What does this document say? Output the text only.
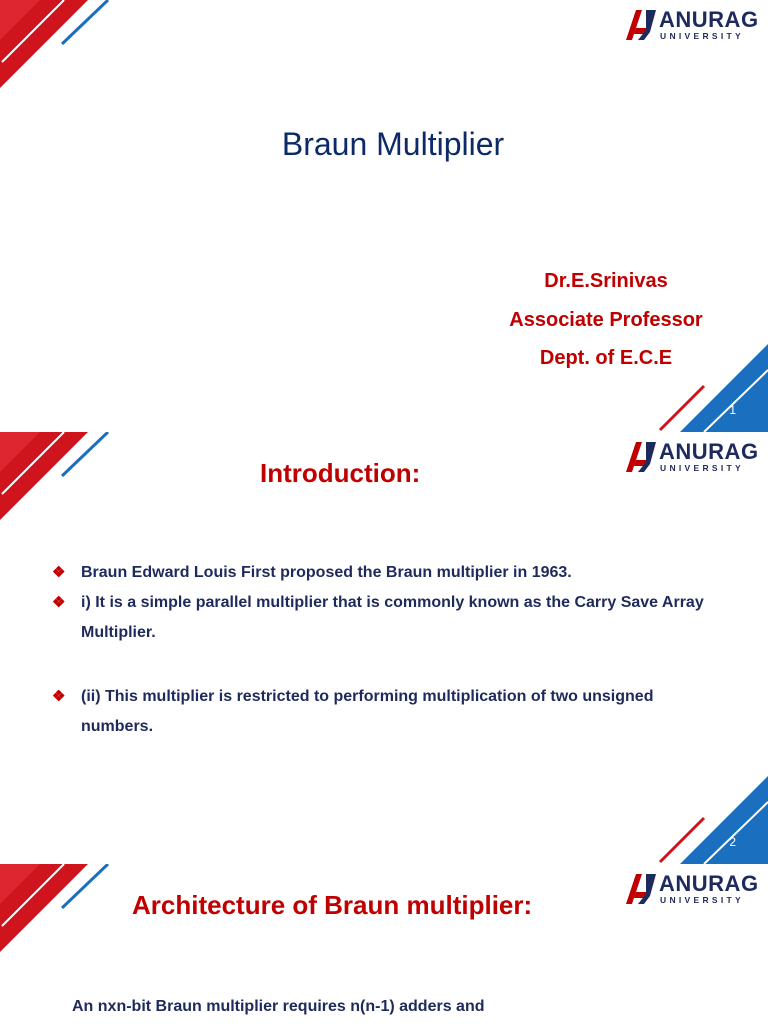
ANURAG
UNIVERSITY
Braun Multiplier
Dr.E.Srinivas
Associate Professor
Dept. of E.C.E
1
ANURAG
UNIVERSITY
Introduction:
❖ Braun Edward Louis First proposed the Braun multiplier in 1963.
❖ i) It is a simple parallel multiplier that is commonly known as the Carry Save Array Multiplier.
❖ (ii) This multiplier is restricted to performing multiplication of two unsigned numbers.
2
ANURAG
UNIVERSITY
Architecture of Braun multiplier:
An nxn-bit Braun multiplier requires n(n-1) adders and
